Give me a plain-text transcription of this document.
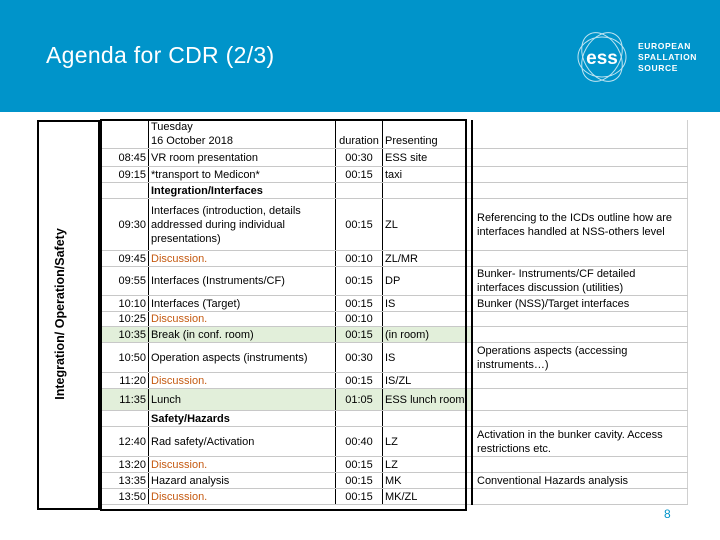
Agenda for CDR (2/3)	ess
EUROPEAN
SPALLATION
SOURCE
Integration/ Operation/Safety

	Tuesday
16 October 2018	duration	Presenting	
08:45	VR room presentation	00:30	ESS site	
09:15	*transport to Medicon*	00:15	taxi	
	Integration/Interfaces			
09:30	Interfaces (introduction, details addressed during individual presentations)	00:15	ZL	Referencing to the ICDs outline how are interfaces handled at NSS-others level
09:45	Discussion.	00:10	ZL/MR	
09:55	Interfaces (Instruments/CF)	00:15	DP	Bunker- Instruments/CF detailed interfaces discussion (utilities)
10:10	Interfaces (Target)	00:15	IS	Bunker (NSS)/Target interfaces
10:25	Discussion.	00:10		
10:35	Break (in conf. room)	00:15	(in room)	
10:50	Operation aspects (instruments)	00:30	IS	Operations aspects (accessing instruments…)
11:20	Discussion.	00:15	IS/ZL	
11:35	Lunch	01:05	ESS lunch room	
	Safety/Hazards			
12:40	Rad safety/Activation	00:40	LZ	Activation in the bunker cavity. Access restrictions etc.
13:20	Discussion.	00:15	LZ	
13:35	Hazard analysis	00:15	MK	Conventional Hazards analysis
13:50	Discussion.	00:15	MK/ZL	
8
